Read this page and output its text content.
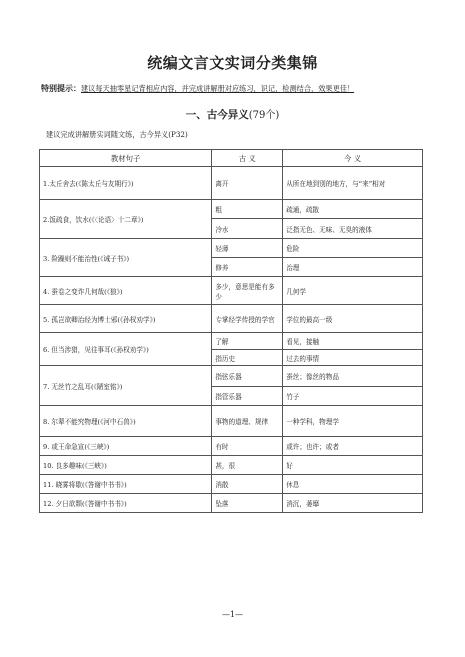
统编文言文实词分类集锦
特别提示：建议每天抽零星记背相应内容，并完成讲解册对应练习，识记，检测结合，效果更佳！
一、古今异义(79个)
建议完成讲解册实词随文练，古今异义(P32)
教材句子	古 义	今 义
1.太丘舍去(《陈太丘与友期行》)	离开	从所在地到别的地方，与“来”相对
2.饭疏食，饮水(《〈论语〉十二章》)	粗	疏通，疏散
	冷水	泛指无色、无味、无臭的液体
3. 险躁则不能治性(《诫子书》)	轻薄	危险
	修养	治理
4. 蚕卷之变诈几何哉(《狼》)	多少，意思是能有多少	几何学
5. 孤岂欲卿治经为博士邪(《孙权劝学》)	专掌经学传授的学官	学位的最高一级
6. 但当涉猎，见往事耳(《孙权劝学》)	了解	看见，接触
	指历史	过去的事情
7. 无丝竹之乱耳(《陋室铭》)	指弦乐器	蚕丝；像丝的物品
	指管乐器	竹子
8. 尔辈不能究物理(《河中石兽》)	事物的道理、规律	一种学科，物理学
9. 或王命急宣(《三峡》)	有时	或许；也许；或者
10. 良多趣味(《三峡》)	甚，很	好
11. 晓雾将歇(《答谢中书书》)	消散	休息
12. 夕日欲颓(《答谢中书书》)	坠落	消沉，萎靡
—1—
